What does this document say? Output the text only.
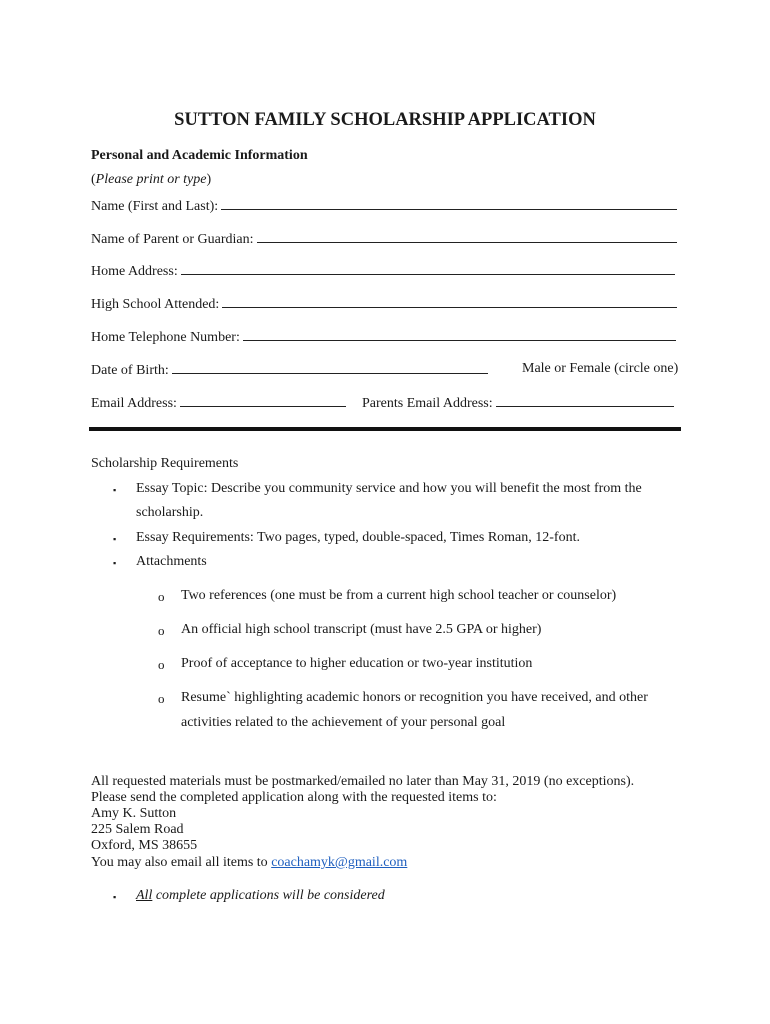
SUTTON FAMILY SCHOLARSHIP APPLICATION
Personal and Academic Information
(Please print or type)
Name (First and Last):
Name of Parent or Guardian:
Home Address:
High School Attended:
Home Telephone Number:
Date of Birth:	Male or Female (circle one)
Email Address:	Parents Email Address:
Scholarship Requirements
▪ Essay Topic: Describe you community service and how you will benefit the most from the
scholarship.
▪ Essay Requirements: Two pages, typed, double-spaced, Times Roman, 12-font.
▪ Attachments
o Two references (one must be from a current high school teacher or counselor)
o An official high school transcript (must have 2.5 GPA or higher)
o Proof of acceptance to higher education or two-year institution
o Resume` highlighting academic honors or recognition you have received, and other
activities related to the achievement of your personal goal
All requested materials must be postmarked/emailed no later than May 31, 2019 (no exceptions).
Please send the completed application along with the requested items to:
Amy K. Sutton
225 Salem Road
Oxford, MS 38655
You may also email all items to coachamyk@gmail.com
▪ All complete applications will be considered
